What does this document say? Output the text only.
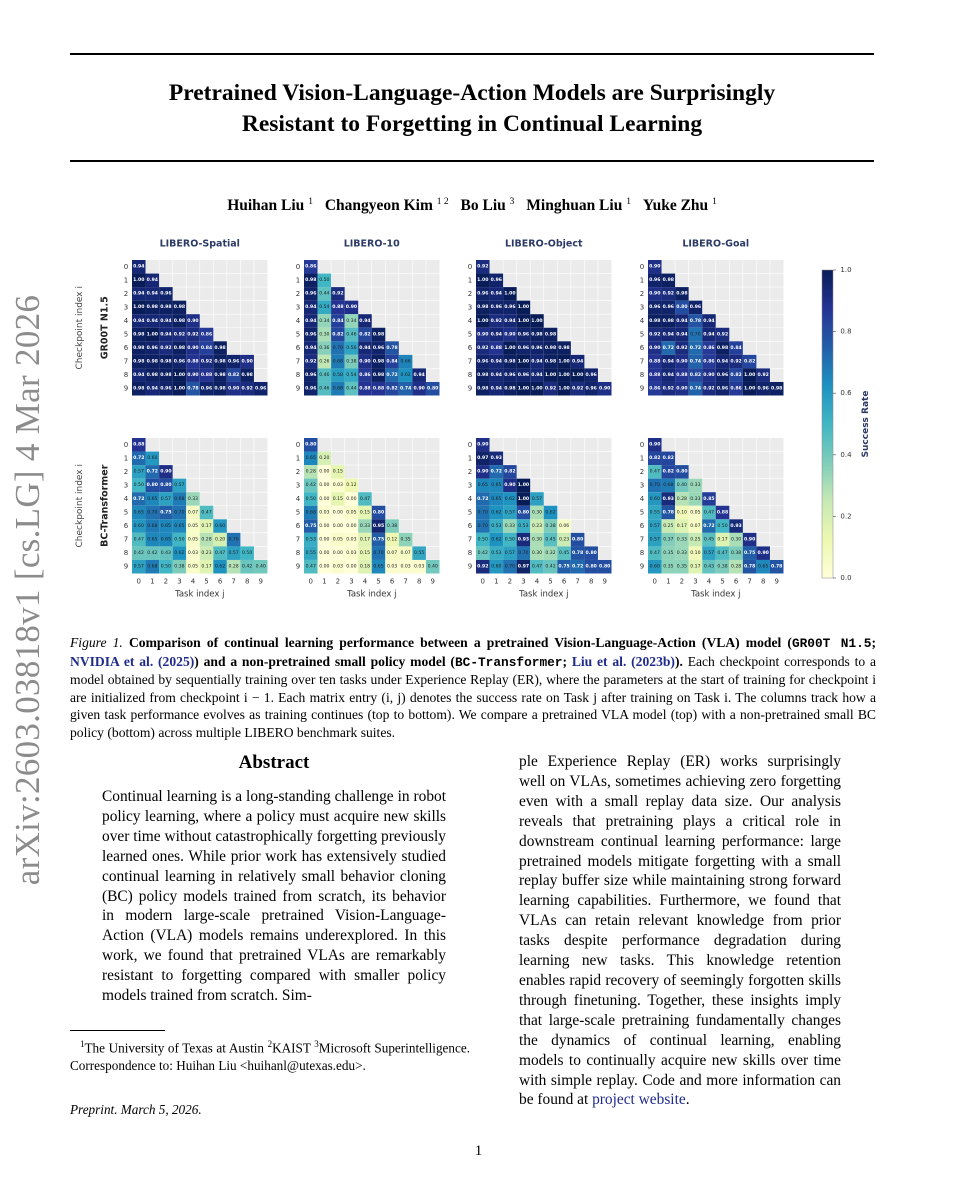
arXiv:2603.03818v1 [cs.LG] 4 Mar 2026
Pretrained Vision-Language-Action Models are Surprisingly
Resistant to Forgetting in Continual Learning
Huihan Liu $^1$ Changyeon Kim $^{1 2}$ Bo Liu $^3$ Minghuan Liu $^1$ Yuke Zhu $^1$
GR00T N1.5
Checkpoint index i
BC-Transformer
Checkpoint index i
LIBERO-Spatial	LIBERO-10	LIBERO-Object	LIBERO-Goal
0.94
1.00 0.94
0.94 0.94 0.96
1.00 0.98 0.98 0.98
0.94 0.94 0.94 0.98 0.90
0.98 1.00 0.94 0.92 0.92 0.86
0.98 0.96 0.92 0.98 0.90 0.84 0.98
0.98 0.98 0.98 0.96 0.88 0.92 0.98 0.96 0.90
0.94 0.98 0.98 1.00 0.90 0.88 0.98 0.82 0.98
0.98 0.94 0.96 1.00 0.78 0.96 0.98 0.90 0.92 0.96
0
1
2
3
4
5
6
7
8
9
0.86
0.98 0.50
0.96 0.44 0.92
0.94 0.54 0.88 0.90
0.94 0.34 0.84 0.34 0.94
0.96 0.30 0.82 0.46 0.82 0.98
0.94 0.36 0.70 0.56 0.94 0.96 0.78
0.92 0.26 0.68 0.38 0.90 0.98 0.84 0.66
0.96 0.46 0.58 0.54 0.86 0.98 0.72 0.62 0.94
0.96 0.46 0.68 0.44 0.88 0.88 0.82 0.74 0.90 0.80
0
1
2
3
4
5
6
7
8
9
0.92
1.00 0.96
0.96 0.94 1.00
0.98 0.96 0.96 1.00
1.00 0.92 0.94 1.00 1.00
0.90 0.94 0.90 0.96 0.98 0.98
0.92 0.88 1.00 0.96 0.96 0.98 0.98
0.96 0.94 0.98 1.00 0.94 0.98 1.00 0.94
0.98 0.94 0.96 0.96 0.94 1.00 1.00 1.00 0.96
0.98 0.94 0.98 1.00 1.00 0.92 1.00 0.92 0.96 0.90
0
1
2
3
4
5
6
7
8
9
0.90
0.96 0.98
0.90 0.92 0.98
0.96 0.96 0.80 0.96
0.98 0.98 0.94 0.78 0.94
0.92 0.94 0.94 0.70 0.94 0.92
0.90 0.72 0.92 0.72 0.86 0.98 0.84
0.88 0.94 0.90 0.74 0.86 0.94 0.92 0.82
0.88 0.94 0.88 0.82 0.90 0.96 0.82 1.00 0.92
0.86 0.92 0.90 0.74 0.92 0.96 0.86 1.00 0.96 0.98
0
1
2
3
4
5
6
7
8
9
0.88
0.72 0.60
0.57 0.72 0.90
0.50 0.80 0.80 0.57
0.72 0.65 0.57 0.68 0.33
0.65 0.70 0.75 0.70 0.07 0.47
0.60 0.68 0.65 0.65 0.05 0.17 0.60
0.47 0.65 0.65 0.50 0.05 0.28 0.20 0.70
0.42 0.42 0.43 0.62 0.03 0.23 0.47 0.57 0.50
0.57 0.68 0.50 0.38 0.05 0.17 0.62 0.28 0.42 0.40
0
1
2
3
4
5
6
7
8
9
0 1 2 3 4 5 6 7 8 9
Task index j
0.80
0.65 0.20
0.28 0.00 0.15
0.42 0.00 0.03 0.12
0.50 0.00 0.15 0.00 0.47
0.68 0.03 0.00 0.05 0.15 0.80
0.75 0.00 0.00 0.00 0.33 0.95 0.38
0.53 0.00 0.05 0.03 0.17 0.75 0.12 0.35
0.55 0.00 0.00 0.03 0.15 0.70 0.07 0.07 0.55
0.47 0.00 0.03 0.00 0.18 0.65 0.03 0.03 0.03 0.40
0
1
2
3
4
5
6
7
8
9
0 1 2 3 4 5 6 7 8 9
Task index j
0.90
0.97 0.93
0.90 0.72 0.82
0.65 0.65 0.90 1.00
0.72 0.65 0.62 1.00 0.57
0.70 0.62 0.57 0.80 0.30 0.62
0.70 0.53 0.33 0.53 0.23 0.38 0.06
0.50 0.62 0.50 0.93 0.30 0.45 0.23 0.80
0.42 0.53 0.57 0.70 0.30 0.32 0.45 0.78 0.80
0.92 0.60 0.70 0.97 0.47 0.42 0.75 0.72 0.80 0.80
0
1
2
3
4
5
6
7
8
9
0 1 2 3 4 5 6 7 8 9
Task index j
0.90
0.82 0.82
0.47 0.82 0.80
0.70 0.68 0.40 0.33
0.60 0.93 0.28 0.33 0.85
0.55 0.78 0.10 0.05 0.47 0.88
0.57 0.25 0.17 0.07 0.72 0.50 0.93
0.57 0.37 0.33 0.25 0.45 0.17 0.30 0.90
0.47 0.35 0.33 0.10 0.57 0.47 0.38 0.75 0.90
0.60 0.35 0.35 0.17 0.43 0.38 0.28 0.78 0.65 0.78
0
1
2
3
4
5
6
7
8
9
0 1 2 3 4 5 6 7 8 9
Task index j
1.0
0.8
0.6
0.4
0.2
0.0
Success Rate
Figure 1. Comparison of continual learning performance between a pretrained Vision-Language-Action (VLA) model (GR00T N1.5; NVIDIA et al. (2025)) and a non-pretrained small policy model (BC-Transformer; Liu et al. (2023b)). Each checkpoint corresponds to a model obtained by sequentially training over ten tasks under Experience Replay (ER), where the parameters at the start of training for checkpoint i are initialized from checkpoint i − 1. Each matrix entry (i, j) denotes the success rate on Task j after training on Task i. The columns track how a given task performance evolves as training continues (top to bottom). We compare a pretrained VLA model (top) with a non-pretrained small BC policy (bottom) across multiple LIBERO benchmark suites.
Abstract
Continual learning is a long-standing challenge in robot policy learning, where a policy must acquire new skills over time without catastrophically forgetting previously learned ones. While prior work has extensively studied continual learning in relatively small behavior cloning (BC) policy models trained from scratch, its behavior in modern large-scale pretrained Vision-Language-Action (VLA) models remains underexplored. In this work, we found that pretrained VLAs are remarkably resistant to forgetting compared with smaller policy models trained from scratch. Sim-
ple Experience Replay (ER) works surprisingly well on VLAs, sometimes achieving zero forgetting even with a small replay data size. Our analysis reveals that pretraining plays a critical role in downstream continual learning performance: large pretrained models mitigate forgetting with a small replay buffer size while maintaining strong forward learning capabilities. Furthermore, we found that VLAs can retain relevant knowledge from prior tasks despite performance degradation during learning new tasks. This knowledge retention enables rapid recovery of seemingly forgotten skills through finetuning. Together, these insights imply that large-scale pretraining fundamentally changes the dynamics of continual learning, enabling models to continually acquire new skills over time with simple replay. Code and more information can be found at project website.
$^1$The University of Texas at Austin $^2$KAIST $^3$Microsoft Superintelligence. Correspondence to: Huihan Liu <huihanl@utexas.edu>.
Preprint. March 5, 2026.
1
